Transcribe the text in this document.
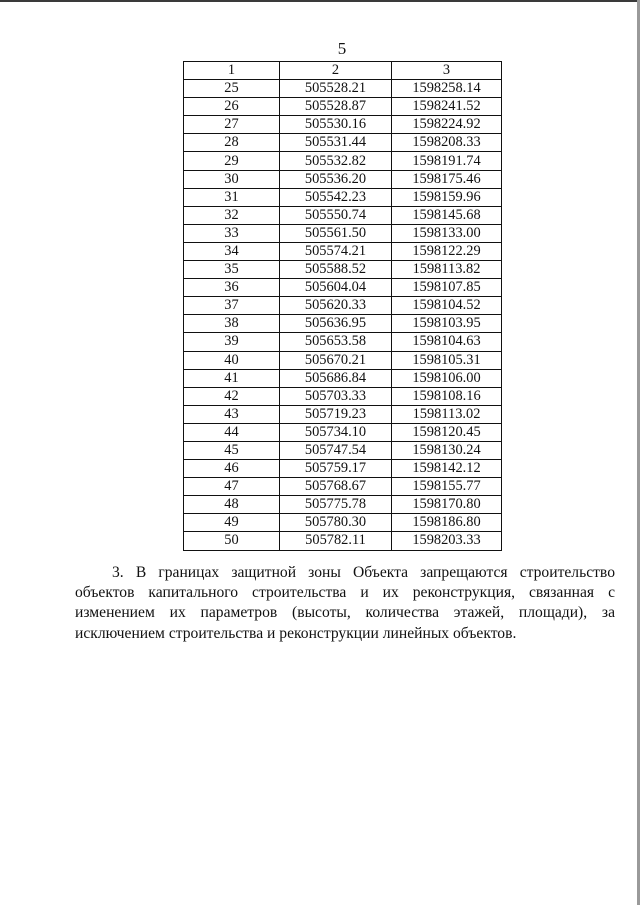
5
1	2	3
25	505528.21	1598258.14
26	505528.87	1598241.52
27	505530.16	1598224.92
28	505531.44	1598208.33
29	505532.82	1598191.74
30	505536.20	1598175.46
31	505542.23	1598159.96
32	505550.74	1598145.68
33	505561.50	1598133.00
34	505574.21	1598122.29
35	505588.52	1598113.82
36	505604.04	1598107.85
37	505620.33	1598104.52
38	505636.95	1598103.95
39	505653.58	1598104.63
40	505670.21	1598105.31
41	505686.84	1598106.00
42	505703.33	1598108.16
43	505719.23	1598113.02
44	505734.10	1598120.45
45	505747.54	1598130.24
46	505759.17	1598142.12
47	505768.67	1598155.77
48	505775.78	1598170.80
49	505780.30	1598186.80
50	505782.11	1598203.33

3. В границах защитной зоны Объекта запрещаются строительство объектов капитального строительства и их реконструкция, связанная с изменением их параметров (высоты, количества этажей, площади), за исключением строительства и реконструкции линейных объектов.
